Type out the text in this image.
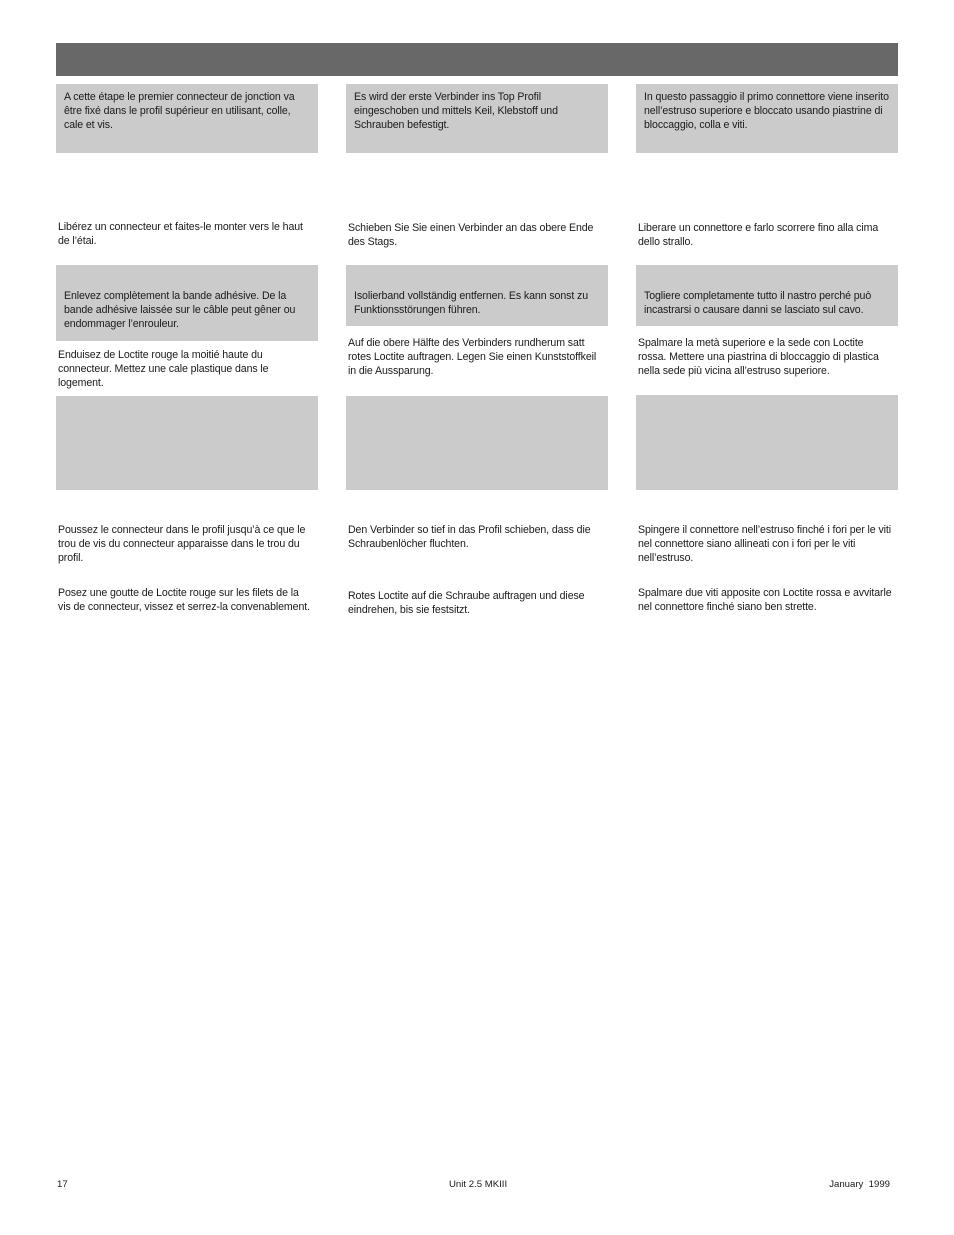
A cette étape le premier connecteur de jonction va être fixé dans le profil supérieur en utilisant, colle, cale et vis.

Libérez un connecteur et faites-le monter vers le haut de l’étai.

Enlevez complètement la bande adhésive. De la bande adhésive laissée sur le câble peut gêner ou endommager l’enrouleur.

Enduisez de Loctite rouge la moitié haute du connecteur. Mettez une cale plastique dans le logement.

Poussez le connecteur dans le profil jusqu’à ce que le trou de vis du connecteur apparaisse dans le trou du profil.

Posez une goutte de Loctite rouge sur les filets de la vis de connecteur, vissez et serrez-la convenablement.

Es wird der erste Verbinder ins Top Profil eingeschoben und mittels Keil, Klebstoff und Schrauben befestigt.

Schieben Sie Sie einen Verbinder an das obere Ende des Stags.

Isolierband vollständig entfernen. Es kann sonst zu Funktionsstörungen führen.

Auf die obere Hälfte des Verbinders rundherum satt rotes Loctite auftragen. Legen Sie einen Kunststoffkeil in die Aussparung.

Den Verbinder so tief in das Profil schieben, dass die Schraubenlöcher fluchten.

Rotes Loctite auf die Schraube auftragen und diese eindrehen, bis sie festsitzt.

In questo passaggio il primo connettore viene inserito nell’estruso superiore e bloccato usando piastrine di bloccaggio, colla e viti.

Liberare un connettore e farlo scorrere fino alla cima dello strallo.

Togliere completamente tutto il nastro perché può incastrarsi o causare danni se lasciato sul cavo.

Spalmare la metà superiore e la sede con Loctite rossa. Mettere una piastrina di bloccaggio di plastica nella sede più vicina all’estruso superiore.

Spingere il connettore nell’estruso finché i fori per le viti nel connettore siano allineati con i fori per le viti nell’estruso.

Spalmare due viti apposite con Loctite rossa e avvitarle nel connettore finché siano ben strette.

17	Unit 2.5 MKIII	January  1999
